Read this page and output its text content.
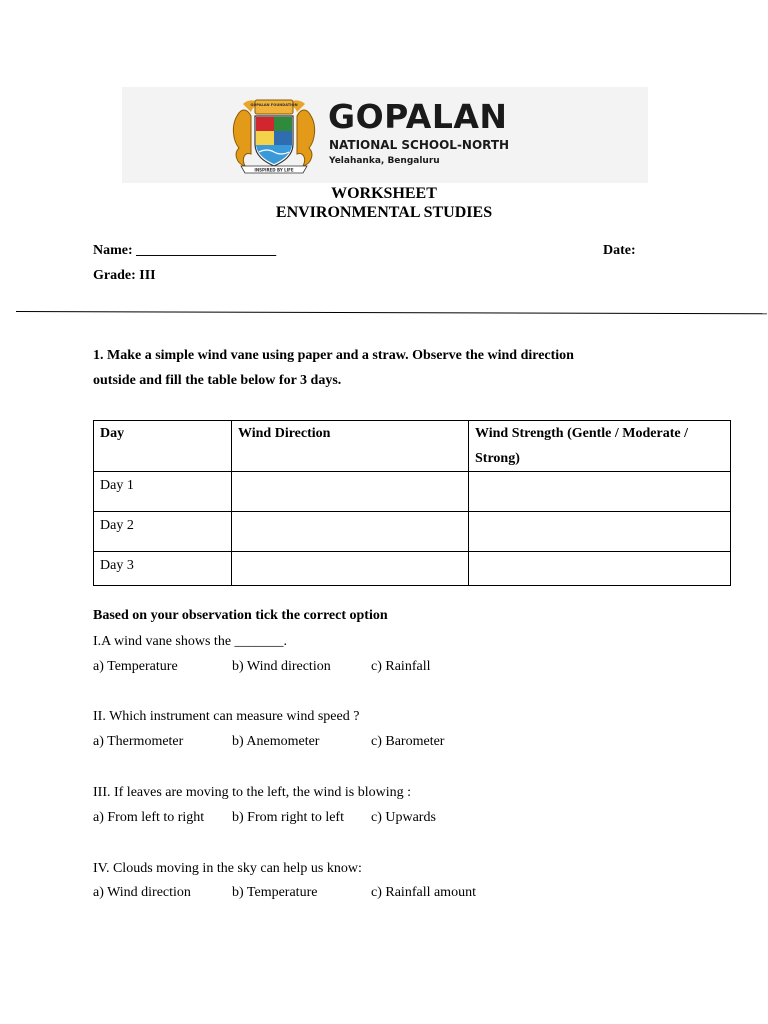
GOPALAN FOUNDATION
INSPIRED BY LIFE
GOPALAN
NATIONAL SCHOOL-NORTH
Yelahanka, Bengaluru
WORKSHEET
ENVIRONMENTAL STUDIES
Name: ____________________	Date:
Grade: III
1. Make a simple wind vane using paper and a straw. Observe the wind direction
outside and fill the table below for 3 days.
Day	Wind Direction	Wind Strength (Gentle / Moderate /
Strong)
Day 1		
Day 2		
Day 3		
Based on your observation tick the correct option
I.A wind vane shows the _______.
a) Temperature	b) Wind direction	c) Rainfall
II. Which instrument can measure wind speed ?
a) Thermometer	b) Anemometer	c) Barometer
III. If leaves are moving to the left, the wind is blowing :
a) From left to right b) From right to left c) Upwards
IV. Clouds moving in the sky can help us know:
a) Wind direction	b) Temperature	c) Rainfall amount
